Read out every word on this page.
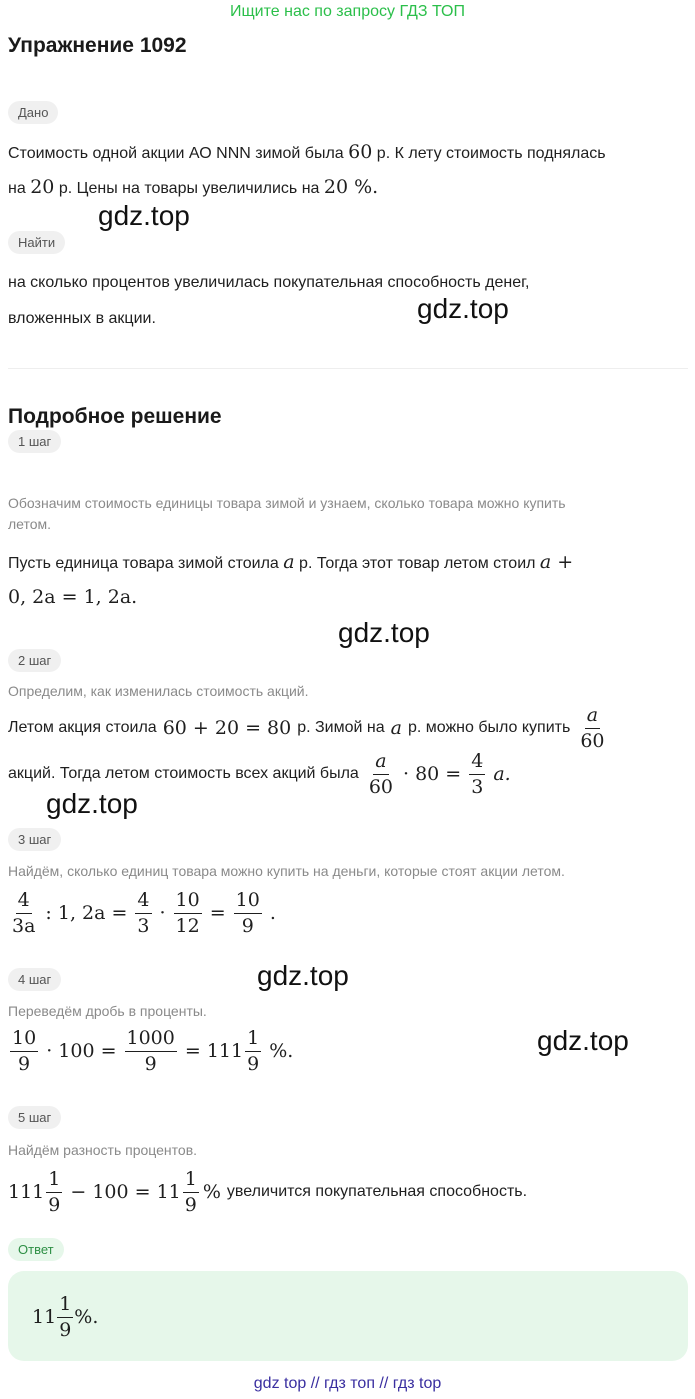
Ищите нас по запросу ГДЗ ТОП
Упражнение 1092
Дано
Стоимость одной акции АО NNN зимой была 60 р. К лету стоимость поднялась
на 20 р. Цены на товары увеличились на 20 %.
gdz.top
Найти
на сколько процентов увеличилась покупательная способность денег,
вложенных в акции.	gdz.top
Подробное решение
1 шаг
Обозначим стоимость единицы товара зимой и узнаем, сколько товара можно купить
летом.
Пусть единица товара зимой стоила a р. Тогда этот товар летом стоил a +
0, 2a = 1, 2a.
gdz.top
2 шаг
Определим, как изменилась стоимость акций.
Летом акция стоила 60 + 20 = 80 р. Зимой на a р. можно было купить $\frac{a}{60}$
акций. Тогда летом стоимость всех акций была $\frac{a}{60} \cdot 80 = \frac{4}{3} a$.
gdz.top
3 шаг
Найдём, сколько единиц товара можно купить на деньги, которые стоят акции летом.
$\frac{4}{3a}$ : 1, $2a = \frac{4}{3} \cdot \frac{10}{12} = \frac{10}{9}$ .
gdz.top
4 шаг
Переведём дробь в проценты.
$\frac{10}{9} \cdot 100 = \frac{1000}{9} = 111 \frac{1}{9}$ %.	gdz.top
5 шаг
Найдём разность процентов.
$111 \frac{1}{9} - 100 = 11 \frac{1}{9}$ % увеличится покупательная способность.
Ответ
$11 \frac{1}{9}$ %.
gdz top // гдз топ // гдз top
